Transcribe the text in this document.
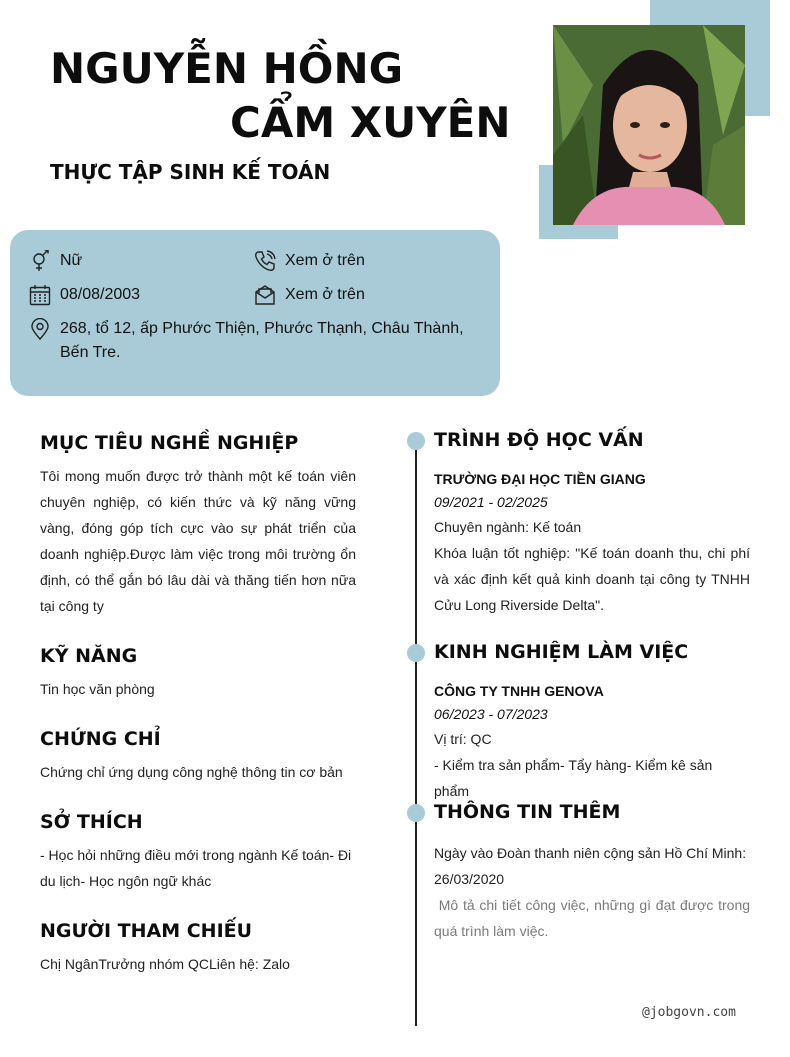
NGUYỄN HỒNG
CẨM XUYÊN
THỰC TẬP SINH KẾ TOÁN
Nữ	Xem ở trên
08/08/2003	Xem ở trên
268, tổ 12, ấp Phước Thiện, Phước Thạnh, Châu Thành, Bến Tre.
MỤC TIÊU NGHỀ NGHIỆP
Tôi mong muốn được trở thành một kế toán viên chuyên nghiệp, có kiến thức và kỹ năng vững vàng, đóng góp tích cực vào sự phát triển của doanh nghiệp.Được làm việc trong môi trường ổn định, có thể gắn bó lâu dài và thăng tiến hơn nữa tại công ty
KỸ NĂNG
Tin học văn phòng
CHỨNG CHỈ
Chứng chỉ ứng dụng công nghệ thông tin cơ bản
SỞ THÍCH
- Học hỏi những điều mới trong ngành Kế toán- Đi du lịch- Học ngôn ngữ khác
NGƯỜI THAM CHIẾU
Chị NgânTrưởng nhóm QCLiên hệ: Zalo
TRÌNH ĐỘ HỌC VẤN
TRƯỜNG ĐẠI HỌC TIỀN GIANG
09/2021 - 02/2025
Chuyên ngành: Kế toán
Khóa luận tốt nghiệp: "Kế toán doanh thu, chi phí và xác định kết quả kinh doanh tại công ty TNHH Cửu Long Riverside Delta".
KINH NGHIỆM LÀM VIỆC
CÔNG TY TNHH GENOVA
06/2023 - 07/2023
Vị trí: QC
- Kiểm tra sản phẩm- Tẩy hàng- Kiểm kê sản phẩm
THÔNG TIN THÊM
Ngày vào Đoàn thanh niên cộng sản Hồ Chí Minh: 26/03/2020
Mô tả chi tiết công việc, những gì đạt được trong quá trình làm việc.
@jobgovn.com
